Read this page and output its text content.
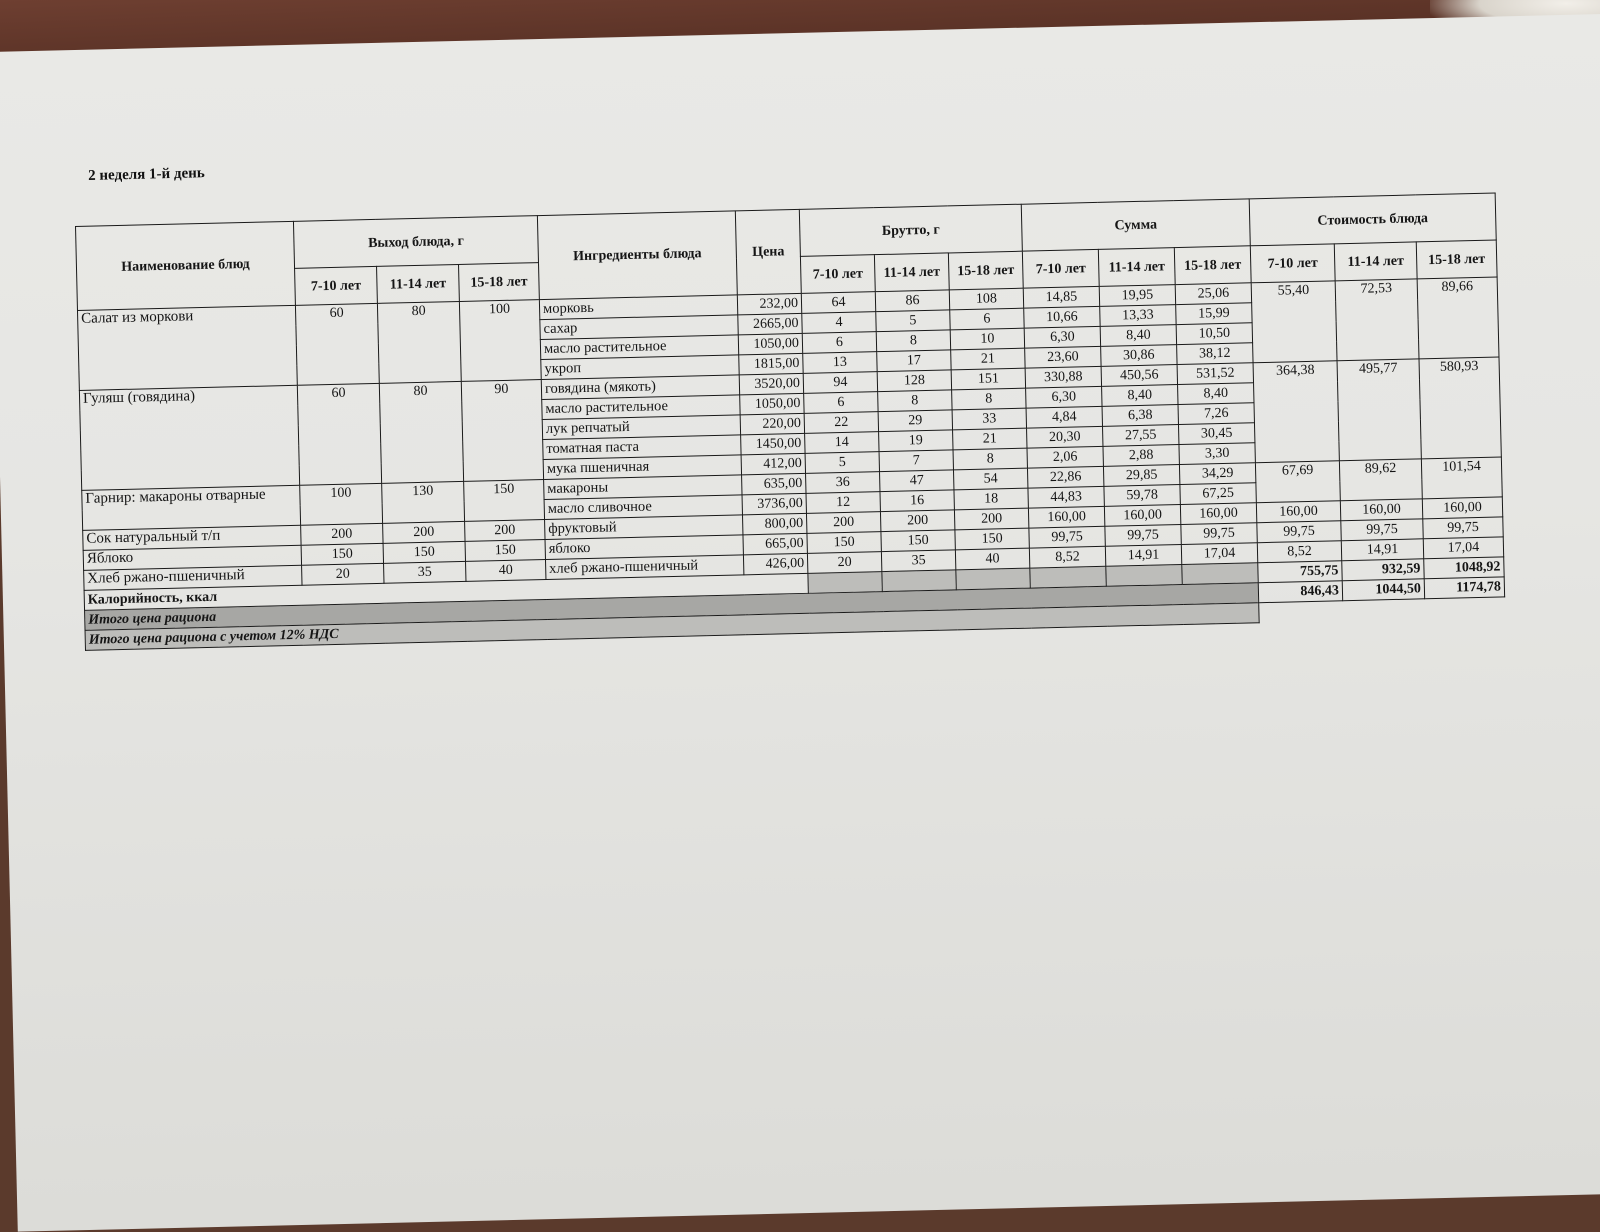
2 неделя 1-й день
Наименование блюд	Выход блюда, г			Ингредиенты блюда	Цена	Брутто, г			Сумма			Стоимость блюда		
	7-10 лет	11-14 лет	15-18 лет			7-10 лет	11-14 лет	15-18 лет	7-10 лет	11-14 лет	15-18 лет	7-10 лет	11-14 лет	15-18 лет
Салат из моркови	60	80	100	морковь	232,00	64	86	108	14,85	19,95	25,06	55,40	72,53	89,66
				сахар	2665,00	4	5	6	10,66	13,33	15,99			
				масло растительное	1050,00	6	8	10	6,30	8,40	10,50			
				укроп	1815,00	13	17	21	23,60	30,86	38,12			
Гуляш (говядина)	60	80	90	говядина (мякоть)	3520,00	94	128	151	330,88	450,56	531,52	364,38	495,77	580,93
				масло растительное	1050,00	6	8	8	6,30	8,40	8,40			
				лук репчатый	220,00	22	29	33	4,84	6,38	7,26			
				томатная паста	1450,00	14	19	21	20,30	27,55	30,45			
				мука пшеничная	412,00	5	7	8	2,06	2,88	3,30			
Гарнир: макароны отварные	100	130	150	макароны	635,00	36	47	54	22,86	29,85	34,29	67,69	89,62	101,54
				масло сливочное	3736,00	12	16	18	44,83	59,78	67,25			
Сок натуральный т/п	200	200	200	фруктовый	800,00	200	200	200	160,00	160,00	160,00	160,00	160,00	160,00
Яблоко	150	150	150	яблоко	665,00	150	150	150	99,75	99,75	99,75	99,75	99,75	99,75
Хлеб ржано-пшеничный	20	35	40	хлеб ржано-пшеничный	426,00	20	35	40	8,52	14,91	17,04	8,52	14,91	17,04
Калорийность, ккал												755,75	932,59	1048,92
Итого цена рациона												846,43	1044,50	1174,78
Итого цена рациона с учетом 12% НДС														
